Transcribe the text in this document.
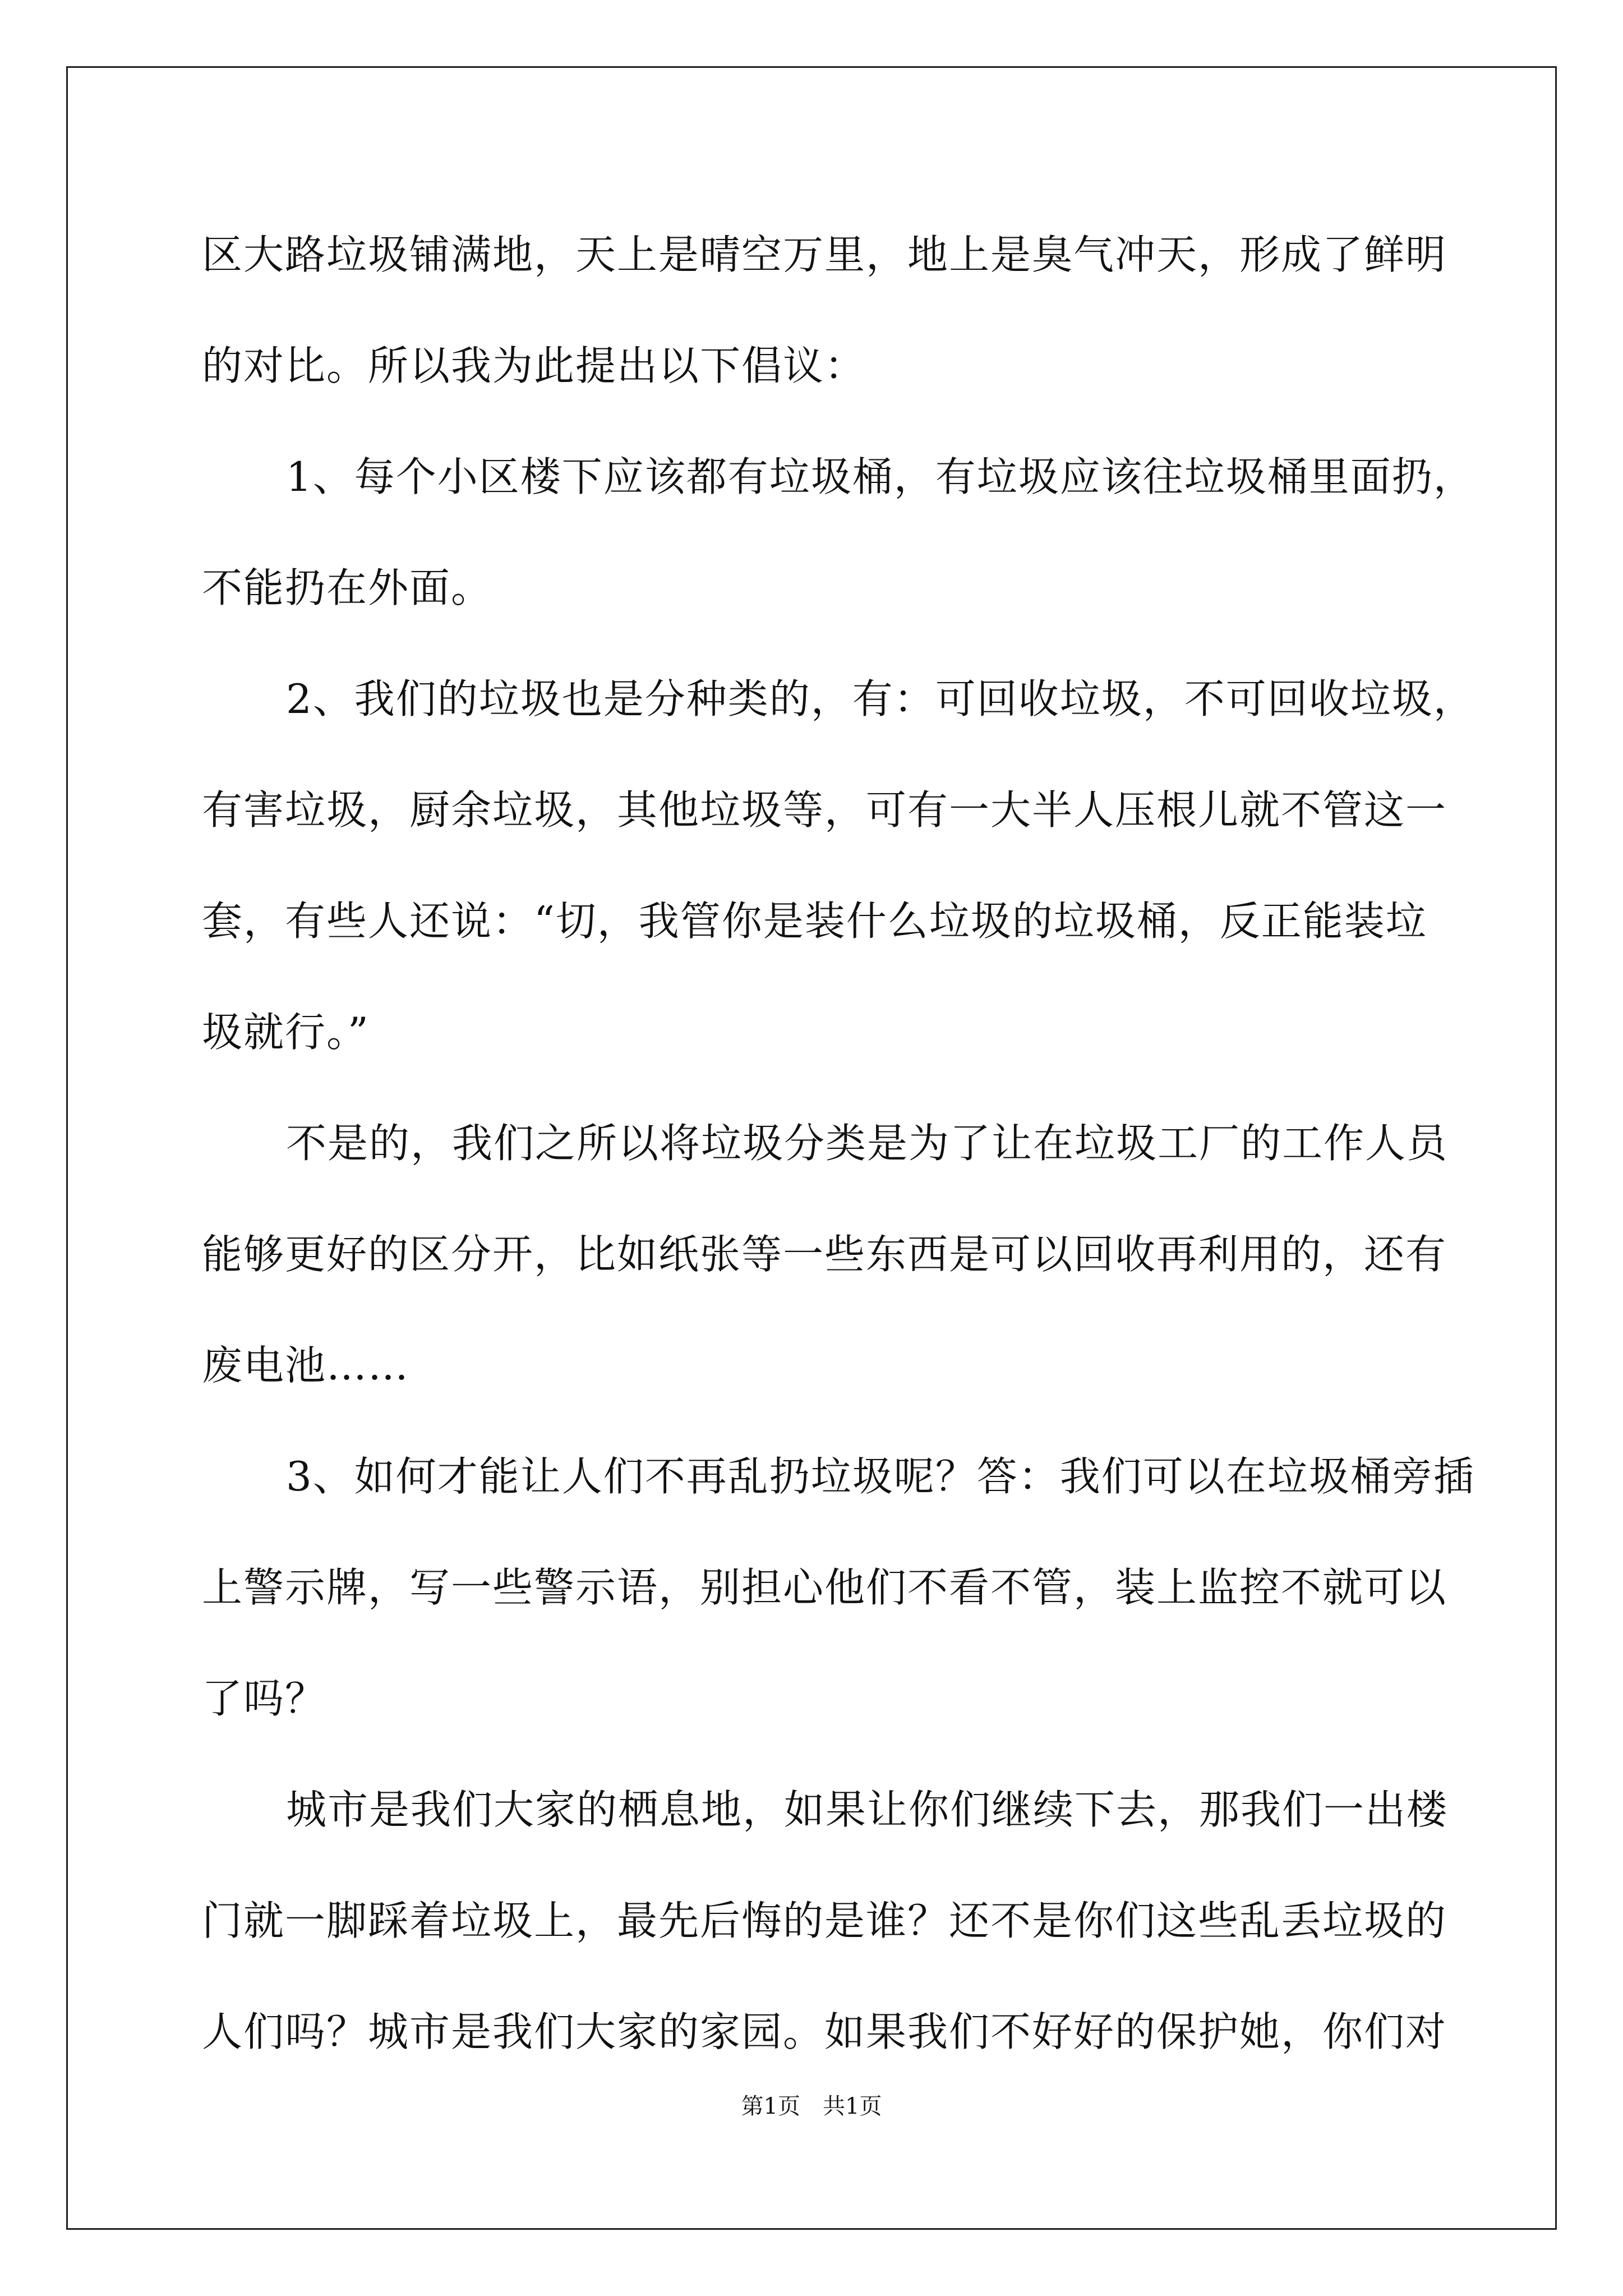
区大路垃圾铺满地，天上是晴空万里，地上是臭气冲天，形成了鲜明
的对比。所以我为此提出以下倡议：
1、每个小区楼下应该都有垃圾桶，有垃圾应该往垃圾桶里面扔，
不能扔在外面。
2、我们的垃圾也是分种类的，有：可回收垃圾，不可回收垃圾，
有害垃圾，厨余垃圾，其他垃圾等，可有一大半人压根儿就不管这一
套，有些人还说：“切，我管你是装什么垃圾的垃圾桶，反正能装垃
圾就行。”
不是的，我们之所以将垃圾分类是为了让在垃圾工厂的工作人员
能够更好的区分开，比如纸张等一些东西是可以回收再利用的，还有
废电池……
3、如何才能让人们不再乱扔垃圾呢？答：我们可以在垃圾桶旁插
上警示牌，写一些警示语，别担心他们不看不管，装上监控不就可以
了吗？
城市是我们大家的栖息地，如果让你们继续下去，那我们一出楼
门就一脚踩着垃圾上，最先后悔的是谁？还不是你们这些乱丢垃圾的
人们吗？城市是我们大家的家园。如果我们不好好的保护她，你们对
第1页 共1页
